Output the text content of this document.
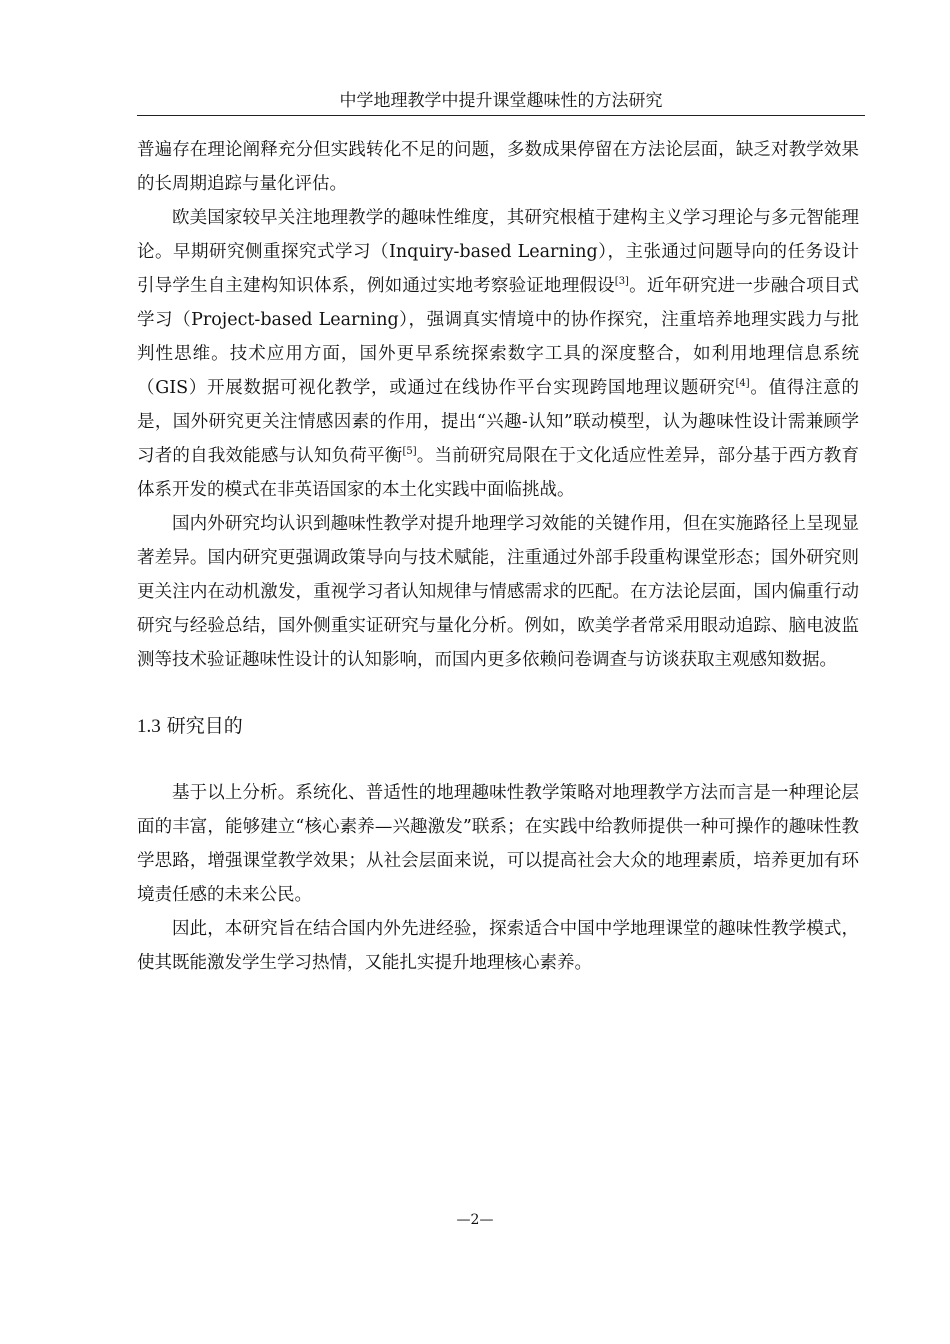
中学地理教学中提升课堂趣味性的方法研究

普遍存在理论阐释充分但实践转化不足的问题，多数成果停留在方法论层面，缺乏对教学效果的长周期追踪与量化评估。

欧美国家较早关注地理教学的趣味性维度，其研究根植于建构主义学习理论与多元智能理论。早期研究侧重探究式学习（Inquiry-based Learning），主张通过问题导向的任务设计引导学生自主建构知识体系，例如通过实地考察验证地理假设[3]。近年研究进一步融合项目式学习（Project-based Learning），强调真实情境中的协作探究，注重培养地理实践力与批判性思维。技术应用方面，国外更早系统探索数字工具的深度整合，如利用地理信息系统（GIS）开展数据可视化教学，或通过在线协作平台实现跨国地理议题研究[4]。值得注意的是，国外研究更关注情感因素的作用，提出“兴趣-认知”联动模型，认为趣味性设计需兼顾学习者的自我效能感与认知负荷平衡[5]。当前研究局限在于文化适应性差异，部分基于西方教育体系开发的模式在非英语国家的本土化实践中面临挑战。

国内外研究均认识到趣味性教学对提升地理学习效能的关键作用，但在实施路径上呈现显著差异。国内研究更强调政策导向与技术赋能，注重通过外部手段重构课堂形态；国外研究则更关注内在动机激发，重视学习者认知规律与情感需求的匹配。在方法论层面，国内偏重行动研究与经验总结，国外侧重实证研究与量化分析。例如，欧美学者常采用眼动追踪、脑电波监测等技术验证趣味性设计的认知影响，而国内更多依赖问卷调查与访谈获取主观感知数据。

1.3 研究目的

基于以上分析。系统化、普适性的地理趣味性教学策略对地理教学方法而言是一种理论层面的丰富，能够建立“核心素养—兴趣激发”联系；在实践中给教师提供一种可操作的趣味性教学思路，增强课堂教学效果；从社会层面来说，可以提高社会大众的地理素质，培养更加有环境责任感的未来公民。

因此，本研究旨在结合国内外先进经验，探索适合中国中学地理课堂的趣味性教学模式，使其既能激发学生学习热情，又能扎实提升地理核心素养。

—2—
